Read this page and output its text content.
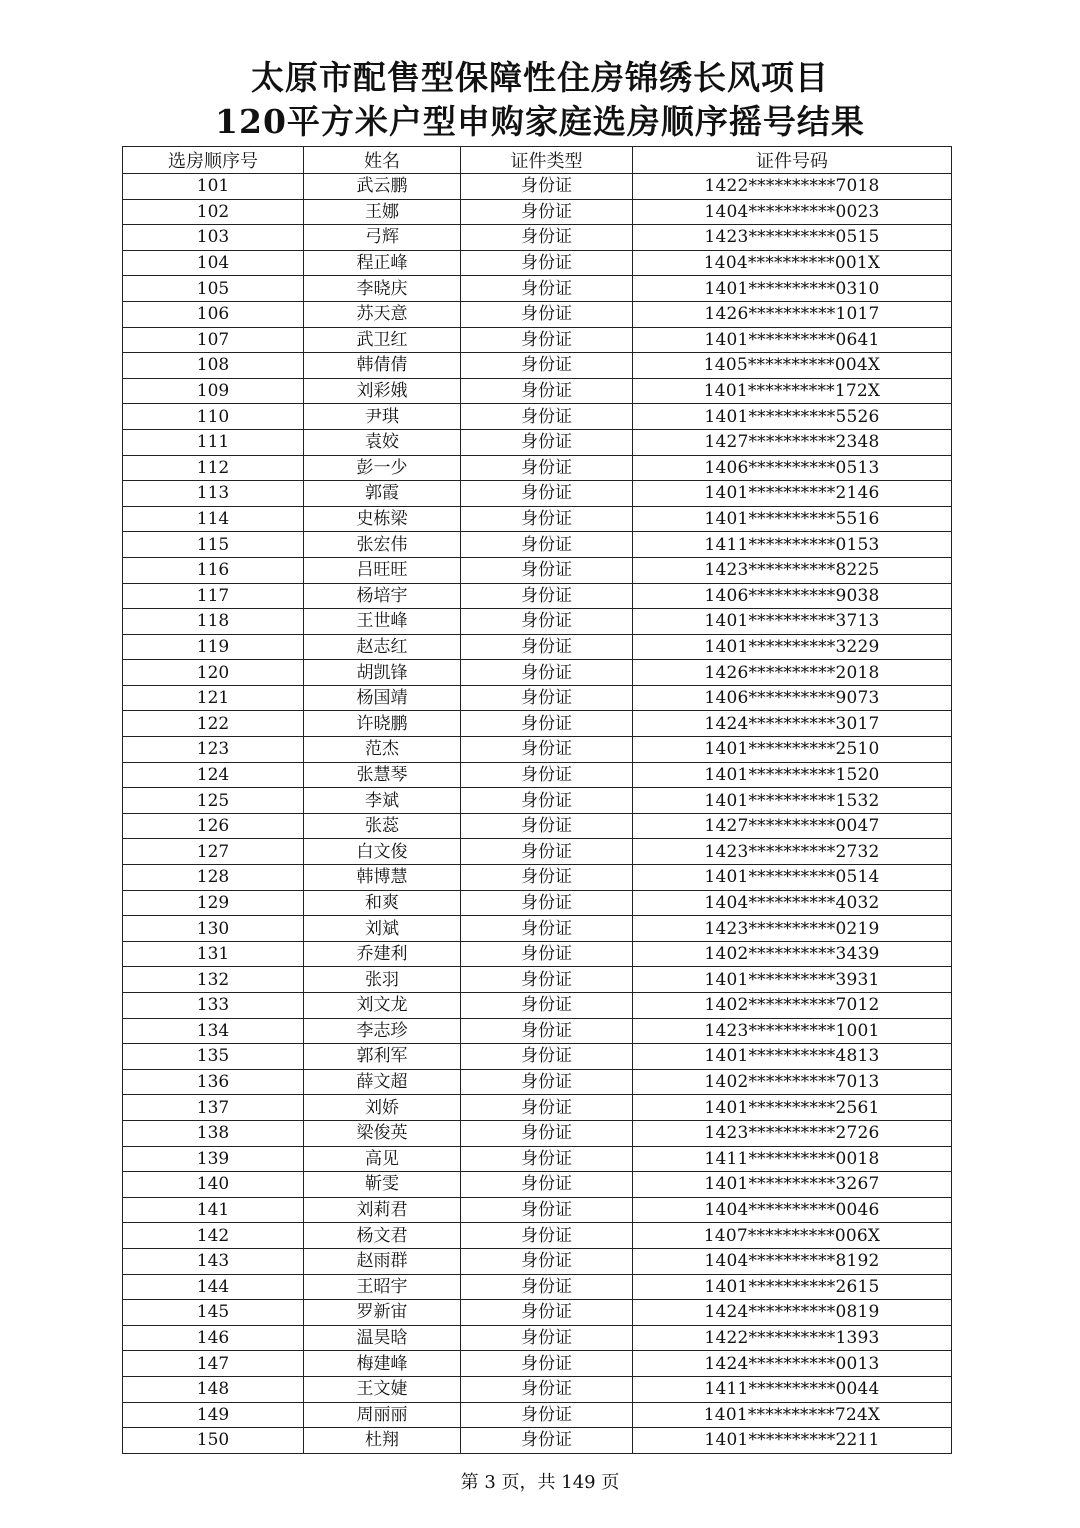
太原市配售型保障性住房锦绣长风项目
120平方米户型申购家庭选房顺序摇号结果
选房顺序号	姓名	证件类型	证件号码
101	武云鹏	身份证	1422**********7018
102	王娜	身份证	1404**********0023
103	弓辉	身份证	1423**********0515
104	程正峰	身份证	1404**********001X
105	李晓庆	身份证	1401**********0310
106	苏天意	身份证	1426**********1017
107	武卫红	身份证	1401**********0641
108	韩倩倩	身份证	1405**********004X
109	刘彩娥	身份证	1401**********172X
110	尹琪	身份证	1401**********5526
111	袁姣	身份证	1427**********2348
112	彭一少	身份证	1406**********0513
113	郭霞	身份证	1401**********2146
114	史栋梁	身份证	1401**********5516
115	张宏伟	身份证	1411**********0153
116	吕旺旺	身份证	1423**********8225
117	杨培宇	身份证	1406**********9038
118	王世峰	身份证	1401**********3713
119	赵志红	身份证	1401**********3229
120	胡凯锋	身份证	1426**********2018
121	杨国靖	身份证	1406**********9073
122	许晓鹏	身份证	1424**********3017
123	范杰	身份证	1401**********2510
124	张慧琴	身份证	1401**********1520
125	李斌	身份证	1401**********1532
126	张蕊	身份证	1427**********0047
127	白文俊	身份证	1423**********2732
128	韩博慧	身份证	1401**********0514
129	和爽	身份证	1404**********4032
130	刘斌	身份证	1423**********0219
131	乔建利	身份证	1402**********3439
132	张羽	身份证	1401**********3931
133	刘文龙	身份证	1402**********7012
134	李志珍	身份证	1423**********1001
135	郭利军	身份证	1401**********4813
136	薛文超	身份证	1402**********7013
137	刘娇	身份证	1401**********2561
138	梁俊英	身份证	1423**********2726
139	高见	身份证	1411**********0018
140	靳雯	身份证	1401**********3267
141	刘莉君	身份证	1404**********0046
142	杨文君	身份证	1407**********006X
143	赵雨群	身份证	1404**********8192
144	王昭宇	身份证	1401**********2615
145	罗新宙	身份证	1424**********0819
146	温昊晗	身份证	1422**********1393
147	梅建峰	身份证	1424**********0013
148	王文婕	身份证	1411**********0044
149	周丽丽	身份证	1401**********724X
150	杜翔	身份证	1401**********2211
第 3 页，共 149 页
